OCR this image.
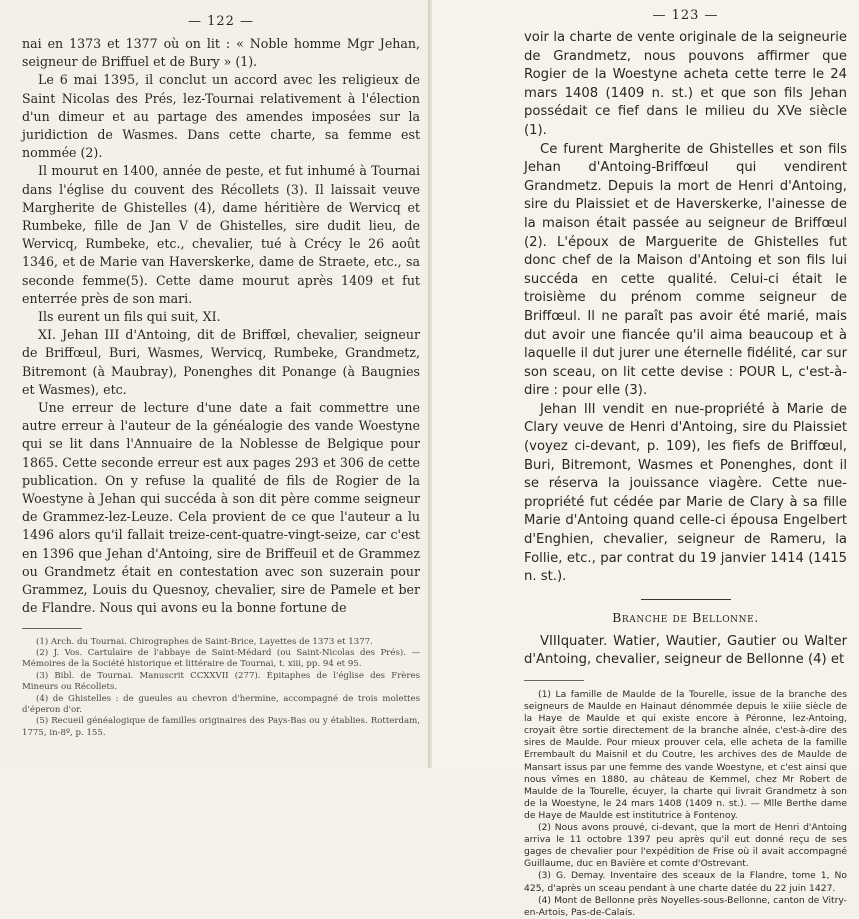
— 122 —

nai en 1373 et 1377 où on lit : « Noble homme Mgr Jehan, seigneur de Briffuel et de Bury » (1).

Le 6 mai 1395, il conclut un accord avec les religieux de Saint Nicolas des Prés, lez-Tournai relativement à l'élection d'un dimeur et au partage des amendes imposées sur la juridiction de Wasmes. Dans cette charte, sa femme est nommée (2).

Il mourut en 1400, année de peste, et fut inhumé à Tournai dans l'église du couvent des Récollets (3). Il laissait veuve Margherite de Ghistelles (4), dame héritière de Wervicq et Rumbeke, fille de Jan V de Ghistelles, sire dudit lieu, de Wervicq, Rumbeke, etc., chevalier, tué à Crécy le 26 août 1346, et de Marie van Haverskerke, dame de Straete, etc., sa seconde femme(5). Cette dame mourut après 1409 et fut enterrée près de son mari.

Ils eurent un fils qui suit, XI.

XI. Jehan III d'Antoing, dit de Briffœl, chevalier, seigneur de Briffœul, Buri, Wasmes, Wervicq, Rumbeke, Grandmetz, Bitremont (à Maubray), Ponenghes dit Ponange (à Baugnies et Wasmes), etc.

Une erreur de lecture d'une date a fait commettre une autre erreur à l'auteur de la généalogie des vande Woestyne qui se lit dans l'Annuaire de la Noblesse de Belgique pour 1865. Cette seconde erreur est aux pages 293 et 306 de cette publication. On y refuse la qualité de fils de Rogier de la Woestyne à Jehan qui succéda à son dit père comme seigneur de Grammez-lez-Leuze. Cela provient de ce que l'auteur a lu 1496 alors qu'il fallait treize-cent-quatre-vingt-seize, car c'est en 1396 que Jehan d'Antoing, sire de Briffeuil et de Grammez ou Grandmetz était en contestation avec son suzerain pour Grammez, Louis du Quesnoy, chevalier, sire de Pamele et ber de Flandre. Nous qui avons eu la bonne fortune de

(1) Arch. du Tournai. Chirographes de Saint-Brice, Layettes de 1373 et 1377.

(2) J. Vos. Cartulaire de l'abbaye de Saint-Médard (ou Saint-Nicolas des Prés). — Mémoires de la Société historique et littéraire de Tournai, t. xiii, pp. 94 et 95.

(3) Bibl. de Tournai. Manuscrit CCXXVII (277). Épitaphes de l'église des Frères Mineurs ou Récollets.

(4) de Ghistelles : de gueules au chevron d'hermine, accompagné de trois molettes d'éperon d'or.

(5) Recueil généalogique de familles originaires des Pays-Bas ou y établies. Rotterdam, 1775, in-8º, p. 155.

— 123 —

voir la charte de vente originale de la seigneurie de Grandmetz, nous pouvons affirmer que Rogier de la Woestyne acheta cette terre le 24 mars 1408 (1409 n. st.) et que son fils Jehan possédait ce fief dans le milieu du XVe siècle (1).

Ce furent Margherite de Ghistelles et son fils Jehan d'Antoing-Briffœul qui vendirent Grandmetz. Depuis la mort de Henri d'Antoing, sire du Plaissiet et de Haverskerke, l'ainesse de la maison était passée au seigneur de Briffœul (2). L'époux de Marguerite de Ghistelles fut donc chef de la Maison d'Antoing et son fils lui succéda en cette qualité. Celui-ci était le troisième du prénom comme seigneur de Briffœul. Il ne paraît pas avoir été marié, mais dut avoir une fiancée qu'il aima beaucoup et à laquelle il dut jurer une éternelle fidélité, car sur son sceau, on lit cette devise : POUR L, c'est-à-dire : pour elle (3).

Jehan III vendit en nue-propriété à Marie de Clary veuve de Henri d'Antoing, sire du Plaissiet (voyez ci-devant, p. 109), les fiefs de Briffœul, Buri, Bitremont, Wasmes et Ponenghes, dont il se réserva la jouissance viagère. Cette nue-propriété fut cédée par Marie de Clary à sa fille Marie d'Antoing quand celle-ci épousa Engelbert d'Enghien, chevalier, seigneur de Rameru, la Follie, etc., par contrat du 19 janvier 1414 (1415 n. st.).

Branche de Bellonne.

VIIIquater. Watier, Wautier, Gautier ou Walter d'Antoing, chevalier, seigneur de Bellonne (4) et

(1) La famille de Maulde de la Tourelle, issue de la branche des seigneurs de Maulde en Hainaut dénommée depuis le xiiie siècle de la Haye de Maulde et qui existe encore à Péronne, lez-Antoing, croyait être sortie directement de la branche aînée, c'est-à-dire des sires de Maulde. Pour mieux prouver cela, elle acheta de la famille Errembault du Maisnil et du Coutre, les archives des de Maulde de Mansart issus par une femme des vande Woestyne, et c'est ainsi que nous vîmes en 1880, au château de Kemmel, chez Mr Robert de Maulde de la Tourelle, écuyer, la charte qui livrait Grandmetz à son de la Woestyne, le 24 mars 1408 (1409 n. st.). — Mlle Berthe dame de Haye de Maulde est institutrice à Fontenoy.

(2) Nous avons prouvé, ci-devant, que la mort de Henri d'Antoing arriva le 11 octobre 1397 peu après qu'il eut donné reçu de ses gages de chevalier pour l'expédition de Frise où il avait accompagné Guillaume, duc en Bavière et comte d'Ostrevant.

(3) G. Demay. Inventaire des sceaux de la Flandre, tome 1, No 425, d'après un sceau pendant à une charte datée du 22 juin 1427.

(4) Mont de Bellonne près Noyelles-sous-Bellonne, canton de Vitry-en-Artois, Pas-de-Calais.
